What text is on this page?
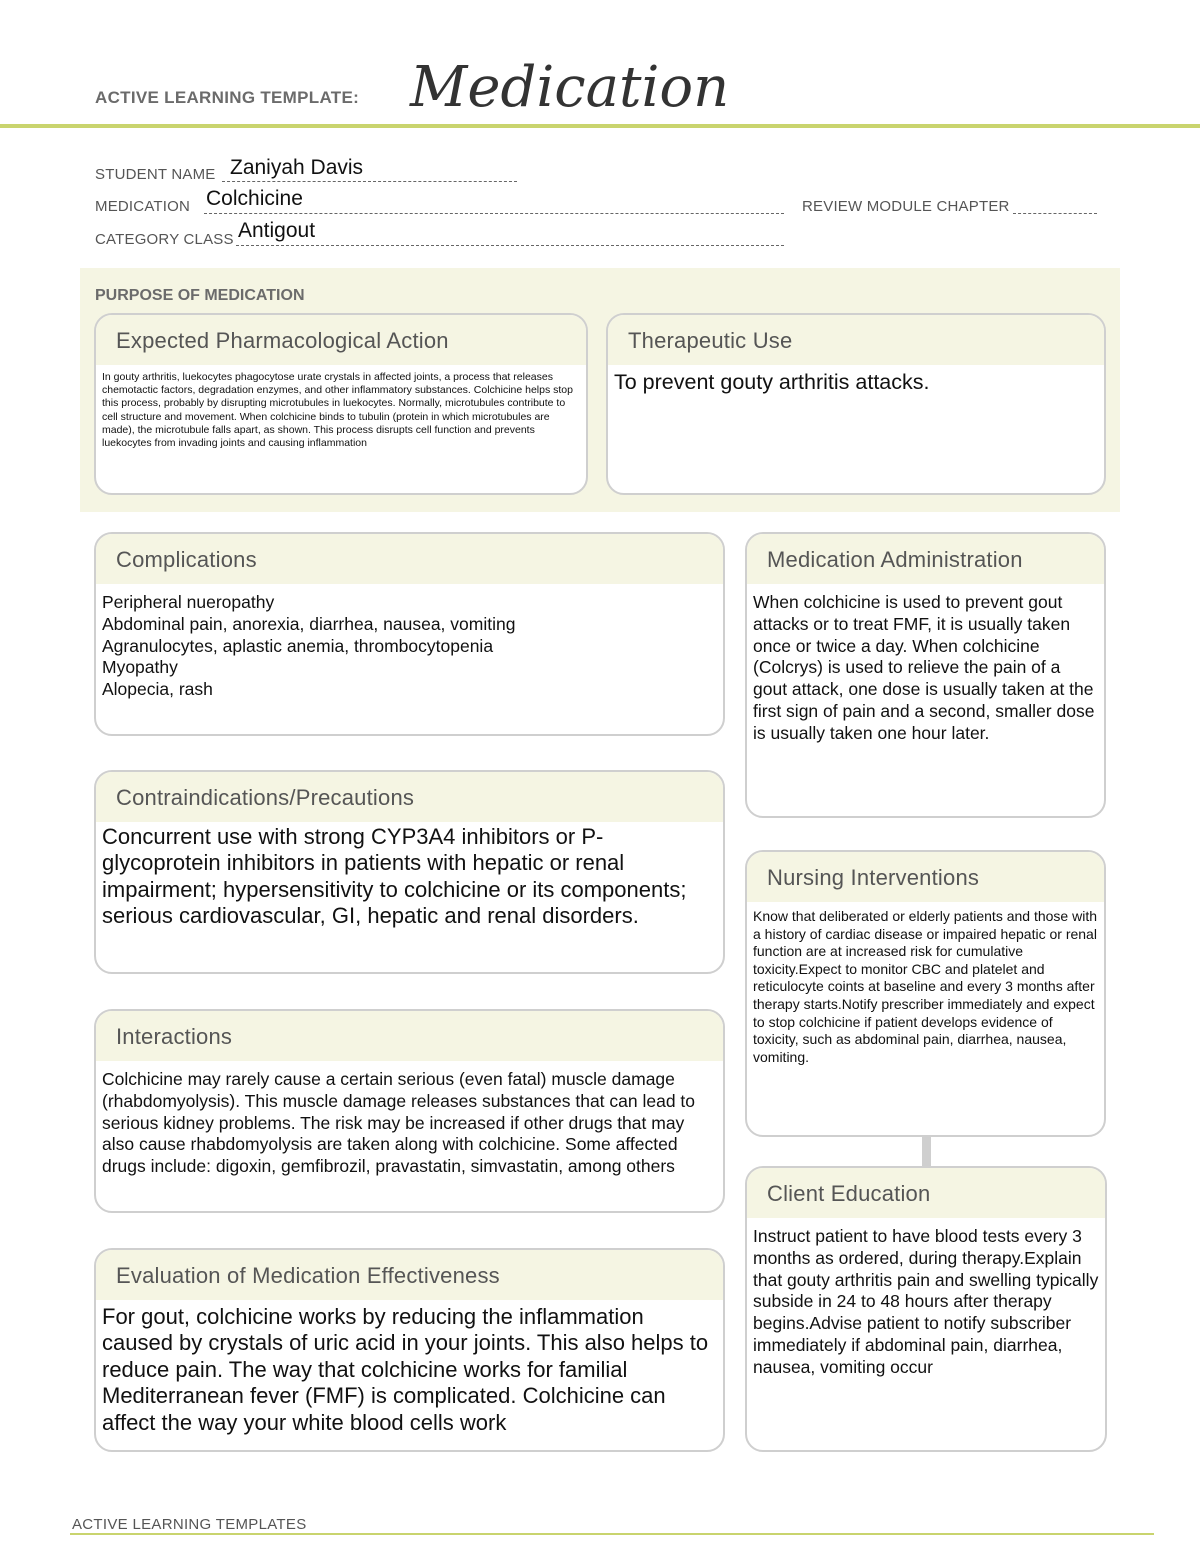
ACTIVE LEARNING TEMPLATE: Medication
STUDENT NAME Zaniyah Davis
MEDICATION Colchicine	REVIEW MODULE CHAPTER
CATEGORY CLASS Antigout
PURPOSE OF MEDICATION
Expected Pharmacological Action
In gouty arthritis, luekocytes phagocytose urate crystals in affected joints, a process that releases chemotactic factors, degradation enzymes, and other inflammatory substances. Colchicine helps stop this process, probably by disrupting microtubules in luekocytes. Normally, microtubules contribute to cell structure and movement. When colchicine binds to tubulin (protein in which microtubules are made), the microtubule falls apart, as shown. This process disrupts cell function and prevents luekocytes from invading joints and causing inflammation
Therapeutic Use
To prevent gouty arthritis attacks.
Complications
Peripheral nueropathy
Abdominal pain, anorexia, diarrhea, nausea, vomiting
Agranulocytes, aplastic anemia, thrombocytopenia
Myopathy
Alopecia, rash
Contraindications/Precautions
Concurrent use with strong CYP3A4 inhibitors or P-glycoprotein inhibitors in patients with hepatic or renal impairment; hypersensitivity to colchicine or its components; serious cardiovascular, GI, hepatic and renal disorders.
Interactions
Colchicine may rarely cause a certain serious (even fatal) muscle damage (rhabdomyolysis). This muscle damage releases substances that can lead to serious kidney problems. The risk may be increased if other drugs that may also cause rhabdomyolysis are taken along with colchicine. Some affected drugs include: digoxin, gemfibrozil, pravastatin, simvastatin, among others
Evaluation of Medication Effectiveness
For gout, colchicine works by reducing the inflammation caused by crystals of uric acid in your joints. This also helps to reduce pain. The way that colchicine works for familial Mediterranean fever (FMF) is complicated. Colchicine can affect the way your white blood cells work
Medication Administration
When colchicine is used to prevent gout attacks or to treat FMF, it is usually taken once or twice a day. When colchicine (Colcrys) is used to relieve the pain of a gout attack, one dose is usually taken at the first sign of pain and a second, smaller dose is usually taken one hour later.
Nursing Interventions
Know that deliberated or elderly patients and those with a history of cardiac disease or impaired hepatic or renal function are at increased risk for cumulative toxicity.Expect to monitor CBC and platelet and reticulocyte coints at baseline and every 3 months after therapy starts.Notify prescriber immediately and expect to stop colchicine if patient develops evidence of toxicity, such as abdominal pain, diarrhea, nausea, vomiting.
Client Education
Instruct patient to have blood tests every 3 months as ordered, during therapy.Explain that gouty arthritis pain and swelling typically subside in 24 to 48 hours after therapy begins.Advise patient to notify subscriber immediately if abdominal pain, diarrhea, nausea, vomiting occur
ACTIVE LEARNING TEMPLATES
